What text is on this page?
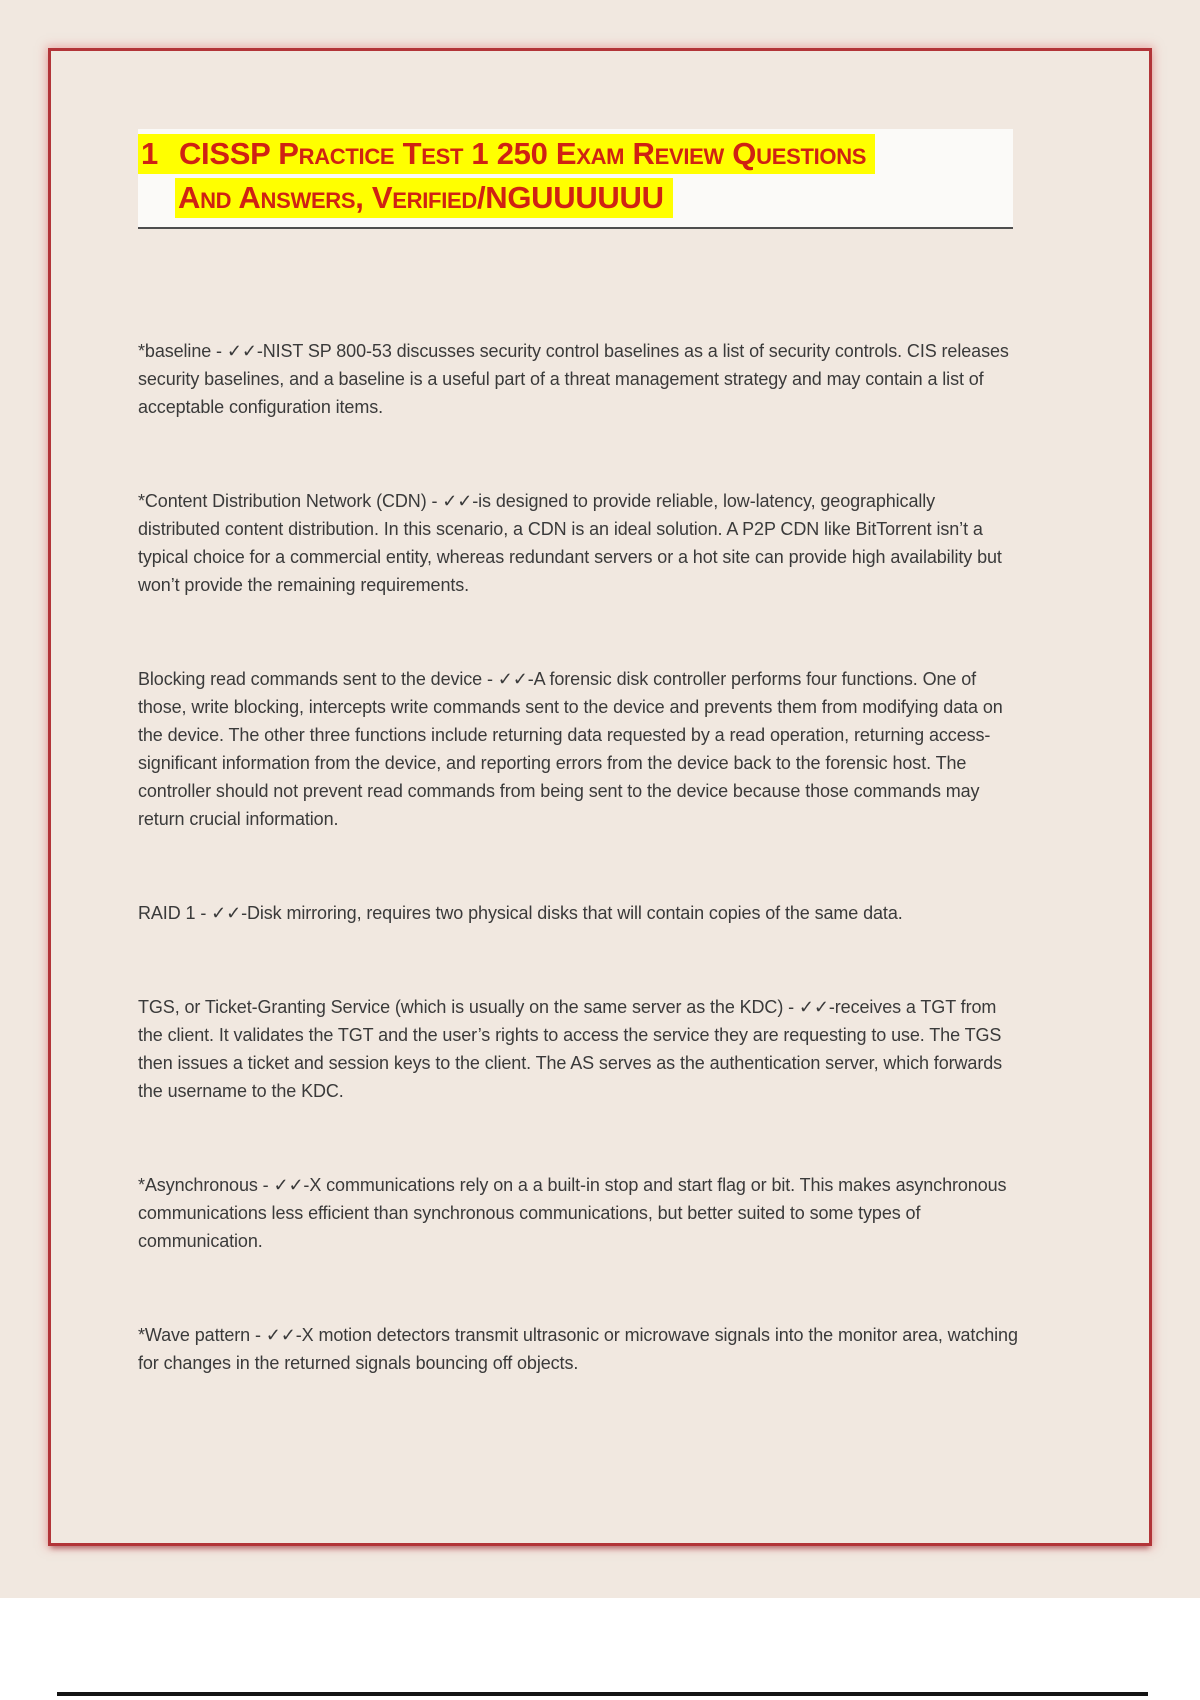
1 CISSP Practice Test 1 250 Exam Review Questions
And Answers, Verified/NGUUUUUU

*baseline - ✓✓-NIST SP 800-53 discusses security control baselines as a list of security controls. CIS releases security baselines, and a baseline is a useful part of a threat management strategy and may contain a list of acceptable configuration items.

*Content Distribution Network (CDN) - ✓✓-is designed to provide reliable, low-latency, geographically distributed content distribution. In this scenario, a CDN is an ideal solution. A P2P CDN like BitTorrent isn’t a typical choice for a commercial entity, whereas redundant servers or a hot site can provide high availability but won’t provide the remaining requirements.

Blocking read commands sent to the device - ✓✓-A forensic disk controller performs four functions. One of those, write blocking, intercepts write commands sent to the device and prevents them from modifying data on the device. The other three functions include returning data requested by a read operation, returning access-significant information from the device, and reporting errors from the device back to the forensic host. The controller should not prevent read commands from being sent to the device because those commands may return crucial information.

RAID 1 - ✓✓-Disk mirroring, requires two physical disks that will contain copies of the same data.

TGS, or Ticket-Granting Service (which is usually on the same server as the KDC) - ✓✓-receives a TGT from the client. It validates the TGT and the user’s rights to access the service they are requesting to use. The TGS then issues a ticket and session keys to the client. The AS serves as the authentication server, which forwards the username to the KDC.

*Asynchronous - ✓✓-X communications rely on a a built-in stop and start flag or bit. This makes asynchronous communications less efficient than synchronous communications, but better suited to some types of communication.

*Wave pattern - ✓✓-X motion detectors transmit ultrasonic or microwave signals into the monitor area, watching for changes in the returned signals bouncing off objects.
